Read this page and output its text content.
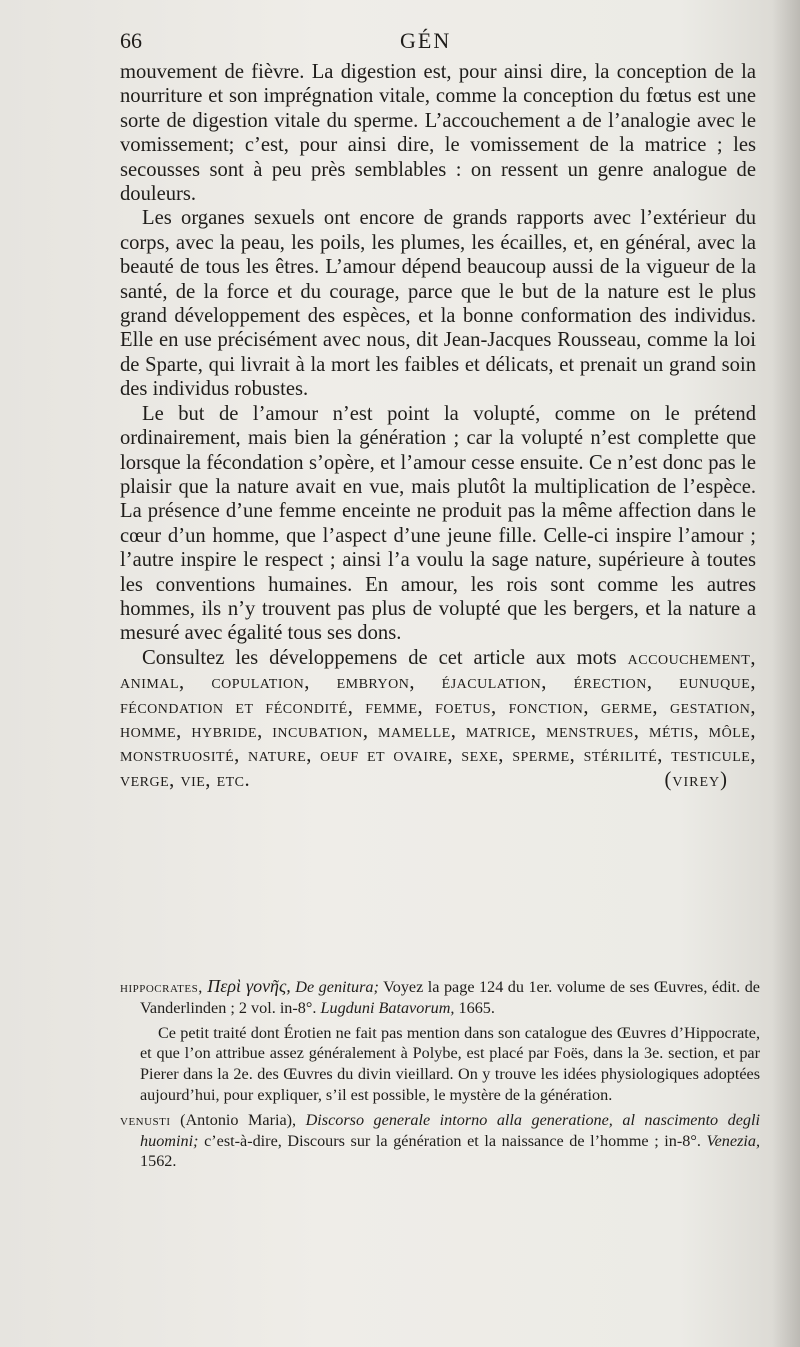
66	GÉN

mouvement de fièvre. La digestion est, pour ainsi dire, la conception de la nourriture et son imprégnation vitale, comme la conception du fœtus est une sorte de digestion vitale du sperme. L’accouchement a de l’analogie avec le vomissement; c’est, pour ainsi dire, le vomissement de la matrice ; les secousses sont à peu près semblables : on ressent un genre analogue de douleurs.

Les organes sexuels ont encore de grands rapports avec l’extérieur du corps, avec la peau, les poils, les plumes, les écailles, et, en général, avec la beauté de tous les êtres. L’amour dépend beaucoup aussi de la vigueur de la santé, de la force et du courage, parce que le but de la nature est le plus grand développement des espèces, et la bonne conformation des individus. Elle en use précisément avec nous, dit Jean-Jacques Rousseau, comme la loi de Sparte, qui livrait à la mort les faibles et délicats, et prenait un grand soin des individus robustes.

Le but de l’amour n’est point la volupté, comme on le prétend ordinairement, mais bien la génération ; car la volupté n’est complette que lorsque la fécondation s’opère, et l’amour cesse ensuite. Ce n’est donc pas le plaisir que la nature avait en vue, mais plutôt la multiplication de l’espèce. La présence d’une femme enceinte ne produit pas la même affection dans le cœur d’un homme, que l’aspect d’une jeune fille. Celle-ci inspire l’amour ; l’autre inspire le respect ; ainsi l’a voulu la sage nature, supérieure à toutes les conventions humaines. En amour, les rois sont comme les autres hommes, ils n’y trouvent pas plus de volupté que les bergers, et la nature a mesuré avec égalité tous ses dons.

Consultez les développemens de cet article aux mots accouchement, animal, copulation, embryon, éjaculation, érection, eunuque, fécondation et fécondité, femme, foetus, fonction, germe, gestation, homme, hybride, incubation, mamelle, matrice, menstrues, métis, môle, monstruosité, nature, oeuf et ovaire, sexe, sperme, stérilité, testicule, verge, vie, etc.	(virey)

hippocrates, Περὶ γονῆς, De genitura; Voyez la page 124 du 1er. volume de ses Œuvres, édit. de Vanderlinden ; 2 vol. in-8°. Lugduni Batavorum, 1665.

Ce petit traité dont Érotien ne fait pas mention dans son catalogue des Œuvres d’Hippocrate, et que l’on attribue assez généralement à Polybe, est placé par Foës, dans la 3e. section, et par Pierer dans la 2e. des Œuvres du divin vieillard. On y trouve les idées physiologiques adoptées aujourd’hui, pour expliquer, s’il est possible, le mystère de la génération.

venusti (Antonio Maria), Discorso generale intorno alla generatione, al nascimento degli huomini; c’est-à-dire, Discours sur la génération et la naissance de l’homme ; in-8°. Venezia, 1562.
